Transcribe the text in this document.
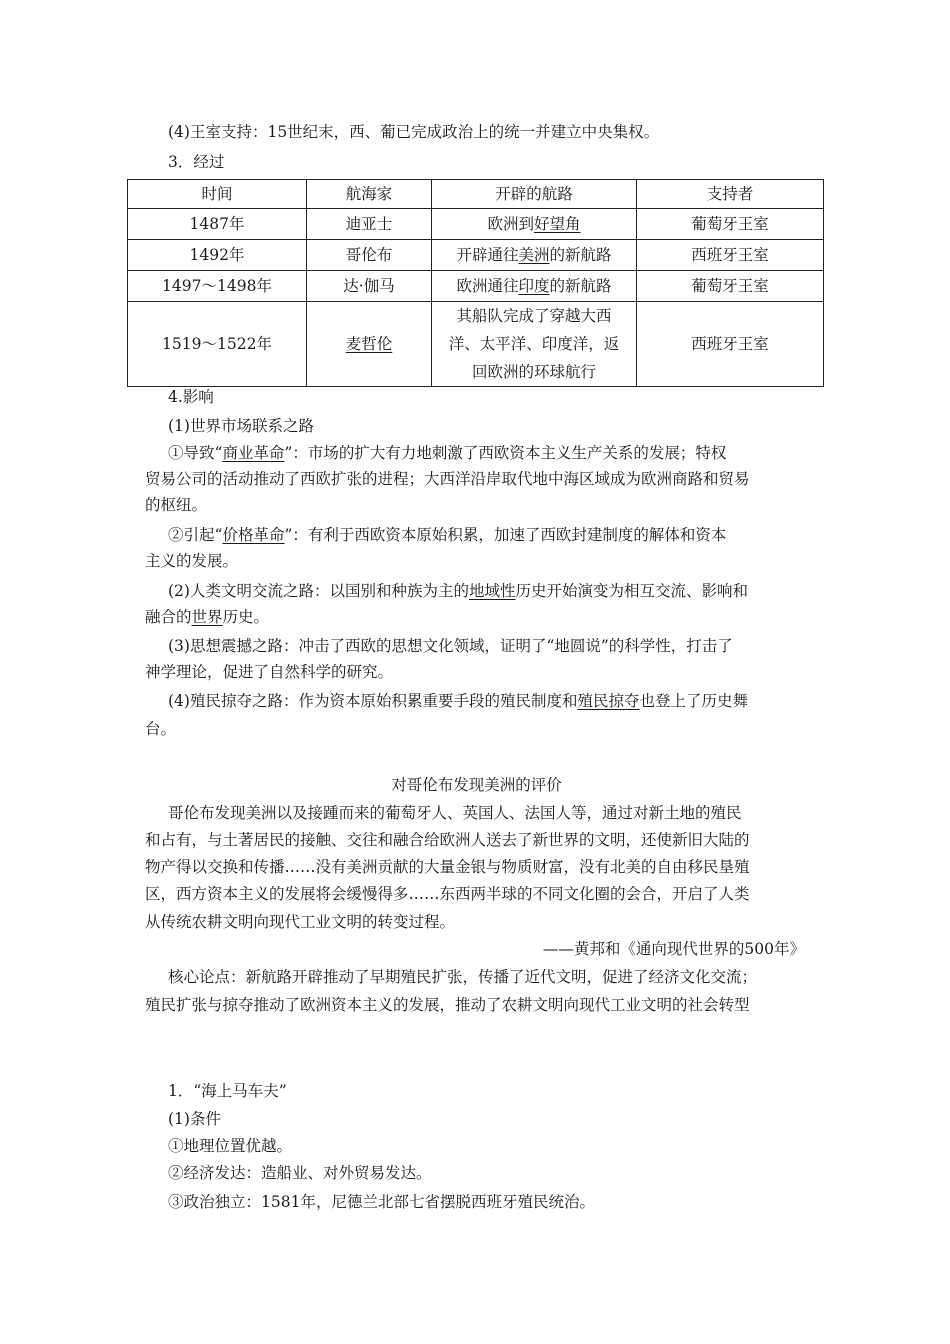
(4)王室支持：15世纪末，西、葡已完成政治上的统一并建立中央集权。
3．经过
时间	航海家	开辟的航路	支持者
1487年	迪亚士	欧洲到好望角	葡萄牙王室
1492年	哥伦布	开辟通往美洲的新航路	西班牙王室
1497～1498年	达·伽马	欧洲通往印度的新航路	葡萄牙王室
1519～1522年	麦哲伦	其船队完成了穿越大西
洋、太平洋、印度洋，返
回欧洲的环球航行	西班牙王室
4.影响
(1)世界市场联系之路
①导致“商业革命”：市场的扩大有力地刺激了西欧资本主义生产关系的发展；特权
贸易公司的活动推动了西欧扩张的进程；大西洋沿岸取代地中海区域成为欧洲商路和贸易
的枢纽。
②引起“价格革命”：有利于西欧资本原始积累，加速了西欧封建制度的解体和资本
主义的发展。
(2)人类文明交流之路：以国别和种族为主的地域性历史开始演变为相互交流、影响和
融合的世界历史。
(3)思想震撼之路：冲击了西欧的思想文化领域，证明了“地圆说”的科学性，打击了
神学理论，促进了自然科学的研究。
(4)殖民掠夺之路：作为资本原始积累重要手段的殖民制度和殖民掠夺也登上了历史舞
台。
对哥伦布发现美洲的评价
哥伦布发现美洲以及接踵而来的葡萄牙人、英国人、法国人等，通过对新土地的殖民
和占有，与土著居民的接触、交往和融合给欧洲人送去了新世界的文明，还使新旧大陆的
物产得以交换和传播……没有美洲贡献的大量金银与物质财富，没有北美的自由移民垦殖
区，西方资本主义的发展将会缓慢得多……东西两半球的不同文化圈的会合，开启了人类
从传统农耕文明向现代工业文明的转变过程。
——黄邦和《通向现代世界的500年》
核心论点：新航路开辟推动了早期殖民扩张，传播了近代文明，促进了经济文化交流；
殖民扩张与掠夺推动了欧洲资本主义的发展，推动了农耕文明向现代工业文明的社会转型
1．“海上马车夫”
(1)条件
①地理位置优越。
②经济发达：造船业、对外贸易发达。
③政治独立：1581年，尼德兰北部七省摆脱西班牙殖民统治。
